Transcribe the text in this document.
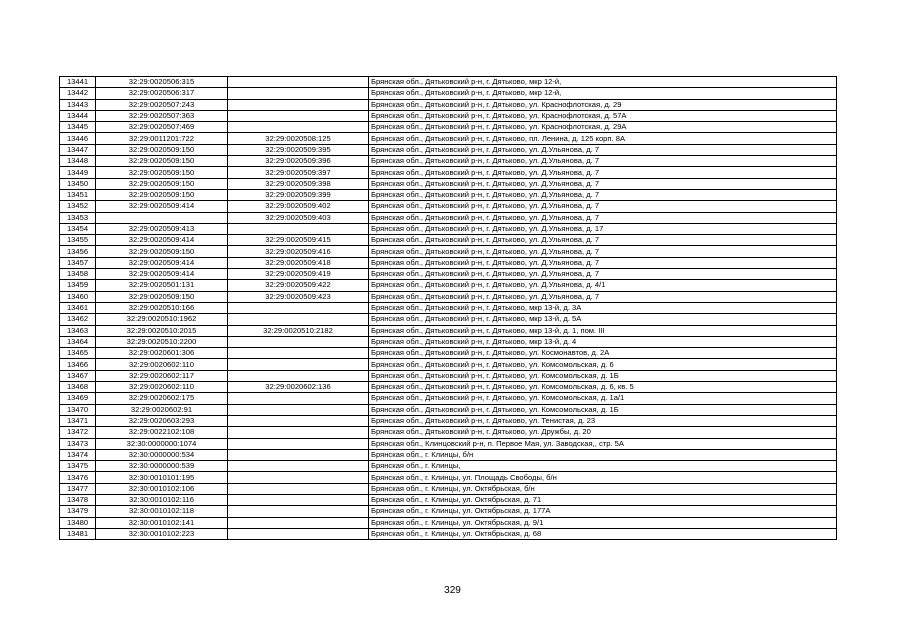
13441	32:29:0020506:315		Брянская обл., Дятьковский р-н, г. Дятьково, мкр 12-й,
13442	32:29:0020506:317		Брянская обл., Дятьковский р-н, г. Дятьково, мкр 12-й,
13443	32:29:0020507:243		Брянская обл., Дятьковский р-н, г. Дятьково, ул. Краснофлотская, д. 29
13444	32:29:0020507:363		Брянская обл., Дятьковский р-н, г. Дятьково, ул. Краснофлотская, д. 57А
13445	32:29:0020507:469		Брянская обл., Дятьковский р-н, г. Дятьково, ул. Краснофлотская, д. 29А
13446	32:29:0011201:722	32:29:0020508:125	Брянская обл., Дятьковский р-н, г. Дятьково, пл. Ленина, д. 125 корп. 8А
13447	32:29:0020509:150	32:29:0020509:395	Брянская обл., Дятьковский р-н, г. Дятьково, ул. Д.Ульянова, д. 7
13448	32:29:0020509:150	32:29:0020509:396	Брянская обл., Дятьковский р-н, г. Дятьково, ул. Д.Ульянова, д. 7
13449	32:29:0020509:150	32:29:0020509:397	Брянская обл., Дятьковский р-н, г. Дятьково, ул. Д.Ульянова, д. 7
13450	32:29:0020509:150	32:29:0020509:398	Брянская обл., Дятьковский р-н, г. Дятьково, ул. Д.Ульянова, д. 7
13451	32:29:0020509:150	32:29:0020509:399	Брянская обл., Дятьковский р-н, г. Дятьково, ул. Д.Ульянова, д. 7
13452	32:29:0020509:414	32:29:0020509:402	Брянская обл., Дятьковский р-н, г. Дятьково, ул. Д.Ульянова, д. 7
13453		32:29:0020509:403	Брянская обл., Дятьковский р-н, г. Дятьково, ул. Д.Ульянова, д. 7
13454	32:29:0020509:413		Брянская обл., Дятьковский р-н, г. Дятьково, ул. Д.Ульянова, д. 17
13455	32:29:0020509:414	32:29:0020509:415	Брянская обл., Дятьковский р-н, г. Дятьково, ул. Д.Ульянова, д. 7
13456	32:29:0020509:150	32:29:0020509:416	Брянская обл., Дятьковский р-н, г. Дятьково, ул. Д.Ульянова, д. 7
13457	32:29:0020509:414	32:29:0020509:418	Брянская обл., Дятьковский р-н, г. Дятьково, ул. Д.Ульянова, д. 7
13458	32:29:0020509:414	32:29:0020509:419	Брянская обл., Дятьковский р-н, г. Дятьково, ул. Д.Ульянова, д. 7
13459	32:29:0020501:131	32:29:0020509:422	Брянская обл., Дятьковский р-н, г. Дятьково, ул. Д.Ульянова, д. 4/1
13460	32:29:0020509:150	32:29:0020509:423	Брянская обл., Дятьковский р-н, г. Дятьково, ул. Д.Ульянова, д. 7
13461	32:29:0020510:166		Брянская обл., Дятьковский р-н, г. Дятьково, мкр 13-й, д. 3А
13462	32:29:0020510:1962		Брянская обл., Дятьковский р-н, г. Дятьково, мкр 13-й, д. 5А
13463	32:29:0020510:2015	32:29:0020510:2182	Брянская обл., Дятьковский р-н, г. Дятьково, мкр 13-й, д. 1, пом. III
13464	32:29:0020510:2200		Брянская обл., Дятьковский р-н, г. Дятьково, мкр 13-й, д. 4
13465	32:29:0020601:306		Брянская обл., Дятьковский р-н, г. Дятьково, ул. Космонавтов, д. 2А
13466	32:29:0020602:110		Брянская обл., Дятьковский р-н, г. Дятьково, ул. Комсомольская, д. 6
13467	32:29:0020602:117		Брянская обл., Дятьковский р-н, г. Дятьково, ул. Комсомольская, д. 1Б
13468	32:29:0020602:110	32:29:0020602:136	Брянская обл., Дятьковский р-н, г. Дятьково, ул. Комсомольская, д. 6, кв. 5
13469	32:29:0020602:175		Брянская обл., Дятьковский р-н, г. Дятьково, ул. Комсомольская, д. 1а/1
13470	32:29:0020602:91		Брянская обл., Дятьковский р-н, г. Дятьково, ул. Комсомольская, д. 1Б
13471	32:29:0020603:293		Брянская обл., Дятьковский р-н, г. Дятьково, ул. Тенистая, д. 23
13472	32:29:0022102:108		Брянская обл., Дятьковский р-н, г. Дятьково, ул. Дружбы, д. 20
13473	32:30:0000000:1074		Брянская обл., Клинцовский р-н, п. Первое Мая, ул. Заводская,, стр. 5А
13474	32:30:0000000:534		Брянская обл., г. Клинцы, б/н
13475	32:30:0000000:539		Брянская обл., г. Клинцы,
13476	32:30:0010101:195		Брянская обл., г. Клинцы, ул. Площадь Свободы, б/н
13477	32:30:0010102:106		Брянская обл., г. Клинцы, ул. Октябрьская, б/н
13478	32:30:0010102:116		Брянская обл., г. Клинцы, ул. Октябрьская, д. 71
13479	32:30:0010102:118		Брянская обл., г. Клинцы, ул. Октябрьская, д. 177А
13480	32:30:0010102:141		Брянская обл., г. Клинцы, ул. Октябрьская, д. 9/1
13481	32:30:0010102:223		Брянская обл., г. Клинцы, ул. Октябрьская, д. 68
329
